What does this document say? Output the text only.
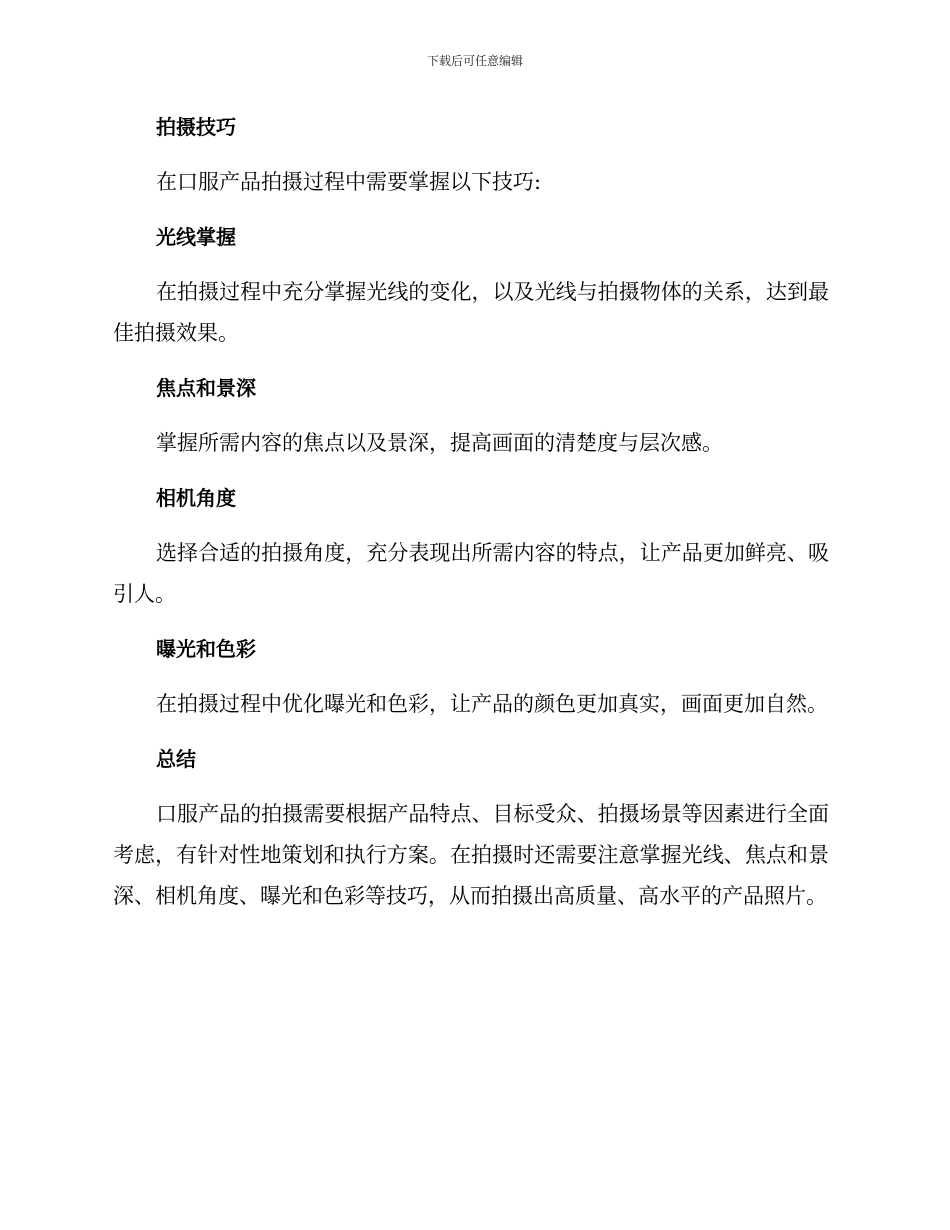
下载后可任意编辑
拍摄技巧

在口服产品拍摄过程中需要掌握以下技巧:

光线掌握

在拍摄过程中充分掌握光线的变化，以及光线与拍摄物体的关系，达到最佳拍摄效果。

焦点和景深

掌握所需内容的焦点以及景深，提高画面的清楚度与层次感。

相机角度

选择合适的拍摄角度，充分表现出所需内容的特点，让产品更加鲜亮、吸引人。

曝光和色彩

在拍摄过程中优化曝光和色彩，让产品的颜色更加真实，画面更加自然。

总结

口服产品的拍摄需要根据产品特点、目标受众、拍摄场景等因素进行全面考虑，有针对性地策划和执行方案。在拍摄时还需要注意掌握光线、焦点和景深、相机角度、曝光和色彩等技巧，从而拍摄出高质量、高水平的产品照片。
